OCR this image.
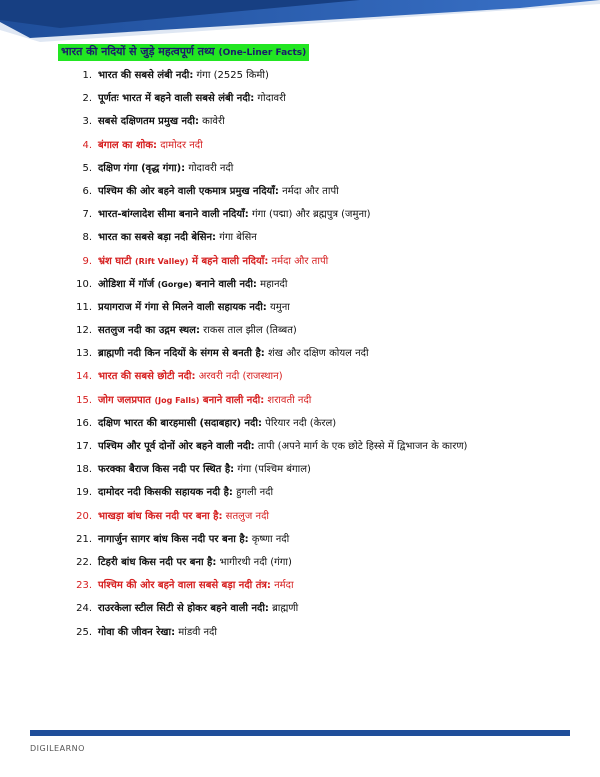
भारत की नदियों से जुड़े महत्वपूर्ण तथ्य (One-Liner Facts)
1. भारत की सबसे लंबी नदी: गंगा (2525 किमी)
2. पूर्णतः भारत में बहने वाली सबसे लंबी नदी: गोदावरी
3. सबसे दक्षिणतम प्रमुख नदी: कावेरी
4. बंगाल का शोक: दामोदर नदी
5. दक्षिण गंगा (वृद्ध गंगा): गोदावरी नदी
6. पश्चिम की ओर बहने वाली एकमात्र प्रमुख नदियाँ: नर्मदा और तापी
7. भारत-बांग्लादेश सीमा बनाने वाली नदियाँ: गंगा (पद्मा) और ब्रह्मपुत्र (जमुना)
8. भारत का सबसे बड़ा नदी बेसिन: गंगा बेसिन
9. भ्रंश घाटी (Rift Valley) में बहने वाली नदियाँ: नर्मदा और तापी
10. ओडिशा में गॉर्ज (Gorge) बनाने वाली नदी: महानदी
11. प्रयागराज में गंगा से मिलने वाली सहायक नदी: यमुना
12. सतलुज नदी का उद्गम स्थल: राकस ताल झील (तिब्बत)
13. ब्राह्मणी नदी किन नदियों के संगम से बनती है: शंख और दक्षिण कोयल नदी
14. भारत की सबसे छोटी नदी: अरवरी नदी (राजस्थान)
15. जोग जलप्रपात (Jog Falls) बनाने वाली नदी: शरावती नदी
16. दक्षिण भारत की बारहमासी (सदाबहार) नदी: पेरियार नदी (केरल)
17. पश्चिम और पूर्व दोनों ओर बहने वाली नदी: तापी (अपने मार्ग के एक छोटे हिस्से में द्विभाजन के कारण)
18. फरक्का बैराज किस नदी पर स्थित है: गंगा (पश्चिम बंगाल)
19. दामोदर नदी किसकी सहायक नदी है: हुगली नदी
20. भाखड़ा बांध किस नदी पर बना है: सतलुज नदी
21. नागार्जुन सागर बांध किस नदी पर बना है: कृष्णा नदी
22. टिहरी बांध किस नदी पर बना है: भागीरथी नदी (गंगा)
23. पश्चिम की ओर बहने वाला सबसे बड़ा नदी तंत्र: नर्मदा
24. राउरकेला स्टील सिटी से होकर बहने वाली नदी: ब्राह्मणी
25. गोवा की जीवन रेखा: मांडवी नदी
DIGILEARNO
